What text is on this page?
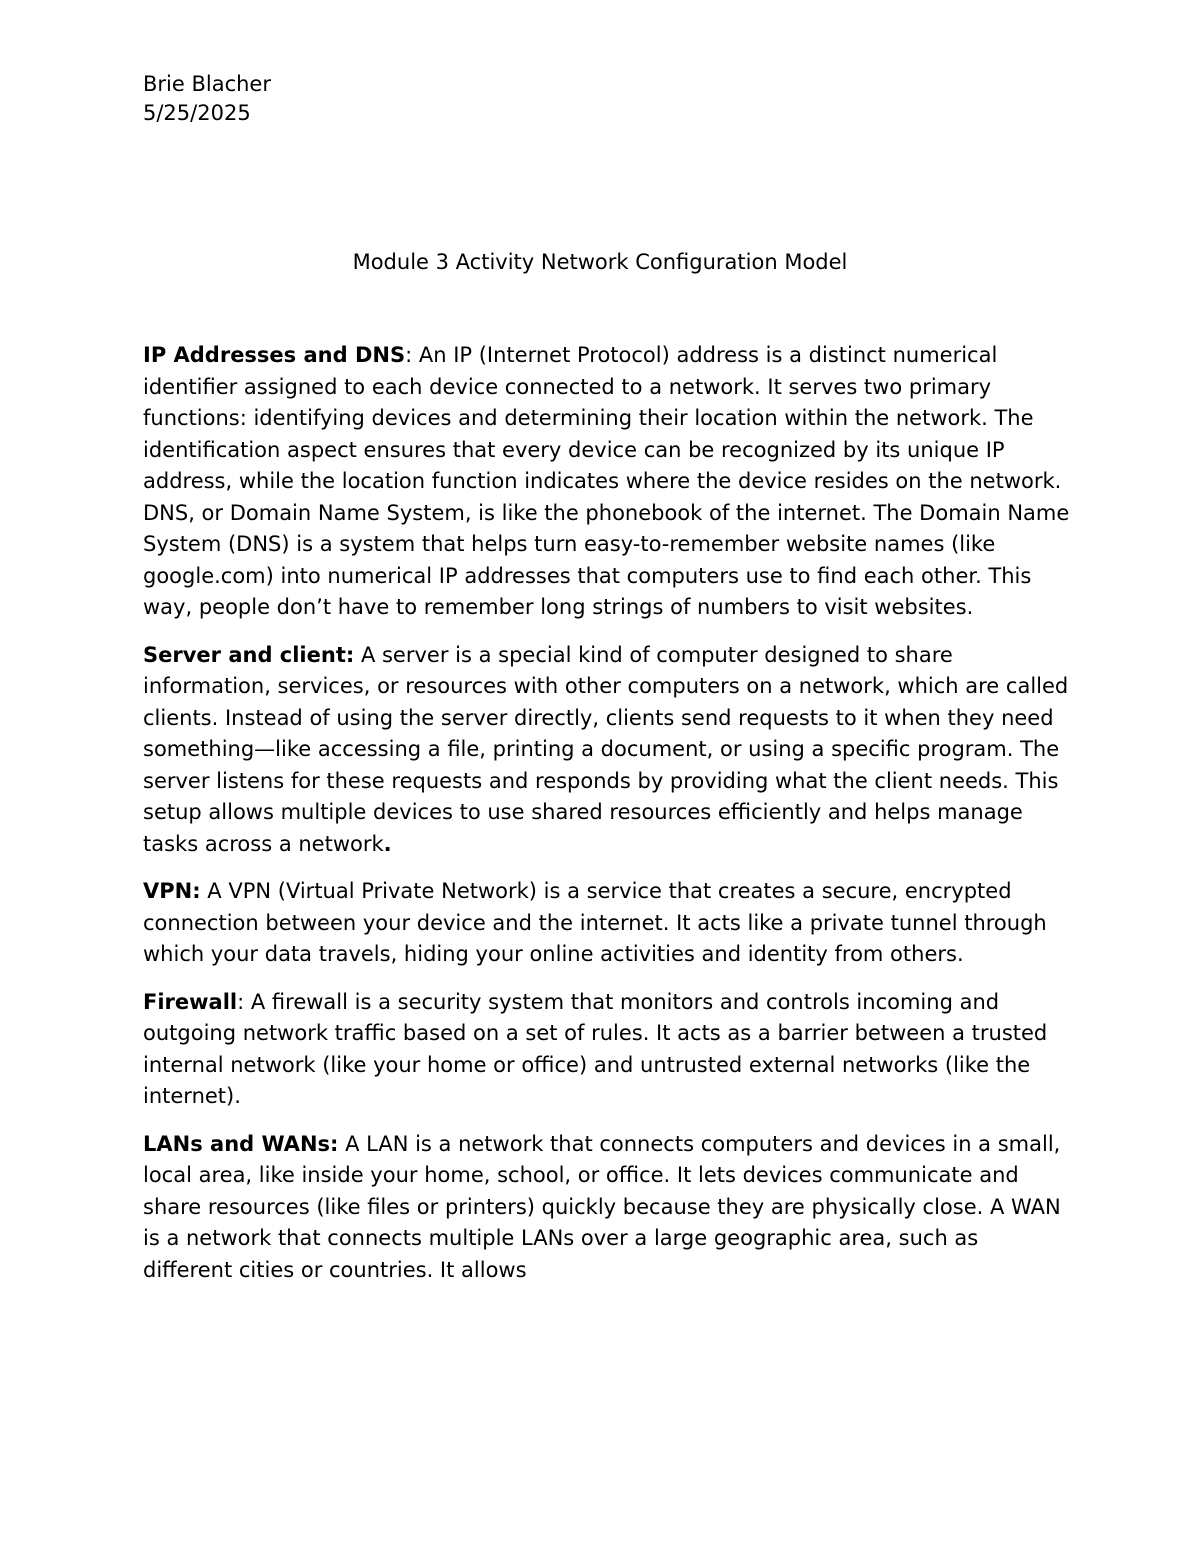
Brie Blacher
5/25/2025
Module 3 Activity Network Configuration Model

IP Addresses and DNS: An IP (Internet Protocol) address is a distinct numerical identifier assigned to each device connected to a network. It serves two primary functions: identifying devices and determining their location within the network. The identification aspect ensures that every device can be recognized by its unique IP address, while the location function indicates where the device resides on the network. DNS, or Domain Name System, is like the phonebook of the internet. The Domain Name System (DNS) is a system that helps turn easy-to-remember website names (like google.com) into numerical IP addresses that computers use to find each other. This way, people don’t have to remember long strings of numbers to visit websites.

Server and client: A server is a special kind of computer designed to share information, services, or resources with other computers on a network, which are called clients. Instead of using the server directly, clients send requests to it when they need something—like accessing a file, printing a document, or using a specific program. The server listens for these requests and responds by providing what the client needs. This setup allows multiple devices to use shared resources efficiently and helps manage tasks across a network.

VPN: A VPN (Virtual Private Network) is a service that creates a secure, encrypted connection between your device and the internet. It acts like a private tunnel through which your data travels, hiding your online activities and identity from others.

Firewall: A firewall is a security system that monitors and controls incoming and outgoing network traffic based on a set of rules. It acts as a barrier between a trusted internal network (like your home or office) and untrusted external networks (like the internet).

LANs and WANs: A LAN is a network that connects computers and devices in a small, local area, like inside your home, school, or office. It lets devices communicate and share resources (like files or printers) quickly because they are physically close. A WAN is a network that connects multiple LANs over a large geographic area, such as different cities or countries. It allows
